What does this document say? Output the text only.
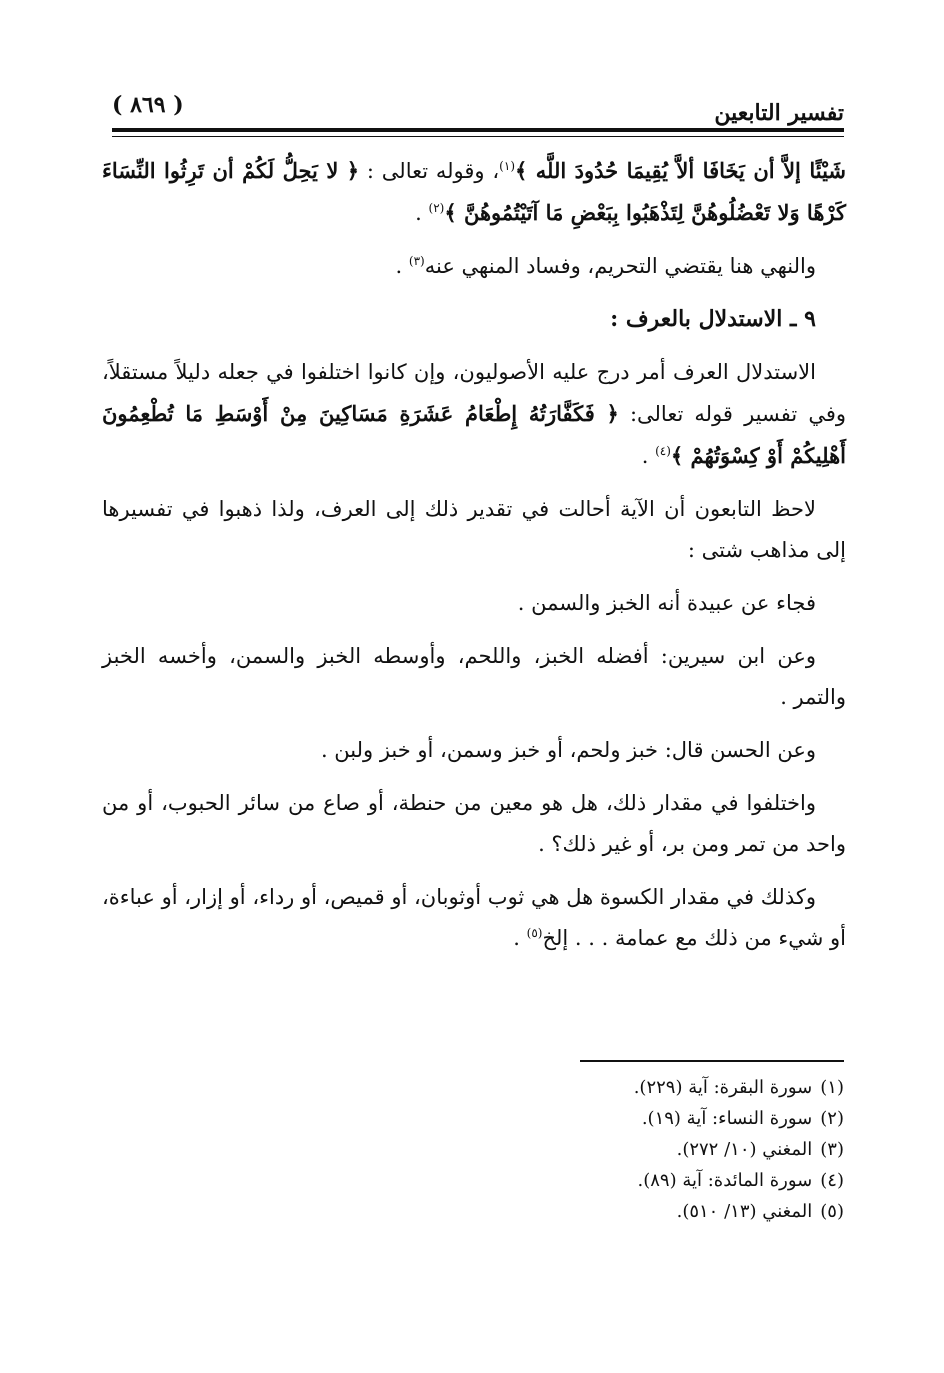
تفسير التابعين
( ٨٦٩ )

شَيْئًا إلاَّ أن يَخَافَا ألاَّ يُقِيمَا حُدُودَ اللَّه ﴾$^{(١)}$، وقوله تعالى : ﴿ لا يَحِلُّ لَكُمْ أن تَرِثُوا النِّسَاءَ كَرْهًا وَلا تَعْضُلُوهُنَّ لِتَذْهَبُوا بِبَعْضِ مَا آتَيْتُمُوهُنَّ ﴾$^{(٢)}$ .

والنهي هنا يقتضي التحريم، وفساد المنهي عنه$^{(٣)}$ .

٩ ـ الاستدلال بالعرف :

الاستدلال العرف أمر درج عليه الأصوليون، وإن كانوا اختلفوا في جعله دليلاً مستقلاً، وفي تفسير قوله تعالى: ﴿ فَكَفَّارَتُهُ إِطْعَامُ عَشَرَةِ مَسَاكِينَ مِنْ أَوْسَطِ مَا تُطْعِمُونَ أَهْلِيكُمْ أَوْ كِسْوَتُهُمْ ﴾$^{(٤)}$ .

لاحظ التابعون أن الآية أحالت في تقدير ذلك إلى العرف، ولذا ذهبوا في تفسيرها إلى مذاهب شتى :

فجاء عن عبيدة أنه الخبز والسمن .

وعن ابن سيرين: أفضله الخبز، واللحم، وأوسطه الخبز والسمن، وأخسه الخبز والتمر .

وعن الحسن قال: خبز ولحم، أو خبز وسمن، أو خبز ولبن .

واختلفوا في مقدار ذلك، هل هو معين من حنطة، أو صاع من سائر الحبوب، أو من واحد من تمر ومن بر، أو غير ذلك؟ .

وكذلك في مقدار الكسوة هل هي ثوب أوثوبان، أو قميص، أو رداء، أو إزار، أو عباءة، أو شيء من ذلك مع عمامة . . . إلخ$^{(٥)}$ .

(١)سورة البقرة: آية (٢٢٩).
(٢)سورة النساء: آية (١٩).
(٣)المغني (١٠/ ٢٧٢).
(٤)سورة المائدة: آية (٨٩).
(٥)المغني (١٣/ ٥١٠).
